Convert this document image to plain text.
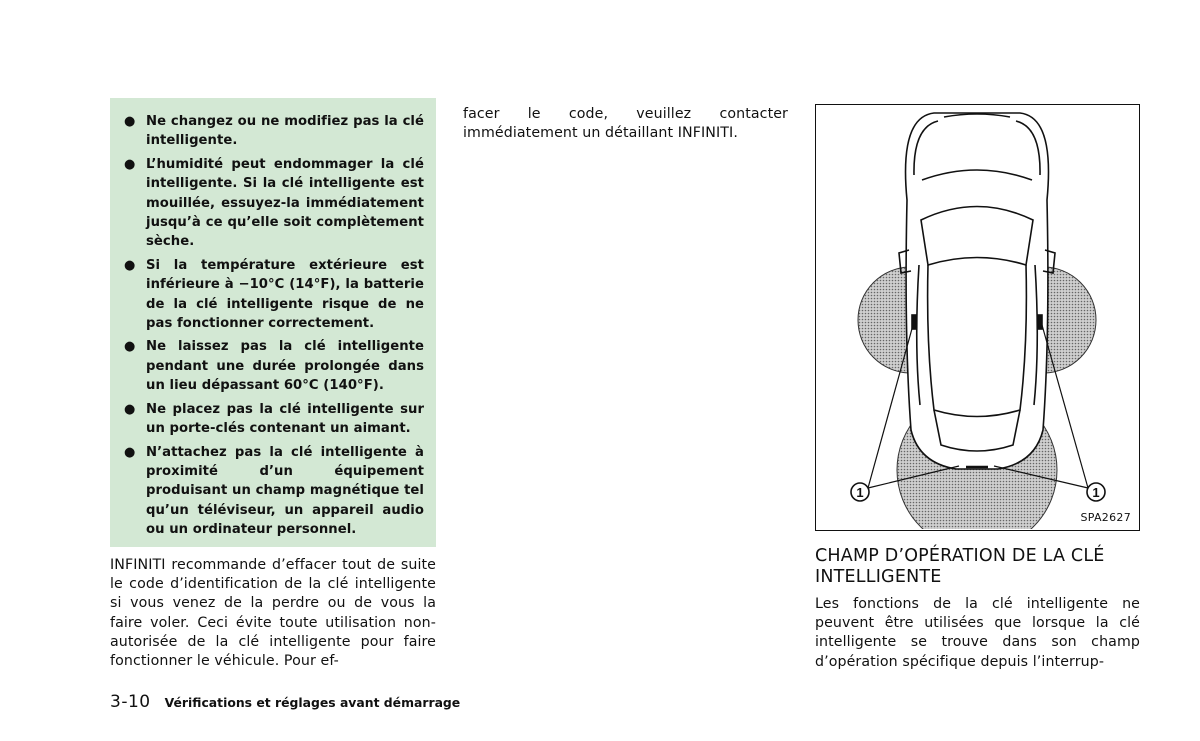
● Ne changez ou ne modifiez pas la clé intelligente.
● L’humidité peut endommager la clé intelligente. Si la clé intelligente est mouillée, essuyez-la immédiatement jusqu’à ce qu’elle soit complètement sèche.
● Si la température extérieure est inférieure à −10°C (14°F), la batterie de la clé intelligente risque de ne pas fonctionner correctement.
● Ne laissez pas la clé intelligente pendant une durée prolongée dans un lieu dépassant 60°C (140°F).
● Ne placez pas la clé intelligente sur un porte-clés contenant un aimant.
● N’attachez pas la clé intelligente à proximité d’un équipement produisant un champ magnétique tel qu’un téléviseur, un appareil audio ou un ordinateur personnel.

INFINITI recommande d’effacer tout de suite le code d’identification de la clé intelligente si vous venez de la perdre ou de vous la faire voler. Ceci évite toute utilisation non-autorisée de la clé intelligente pour faire fonctionner le véhicule. Pour ef-

facer le code, veuillez contacter immédiatement un détaillant INFINITI.

1	1
SPA2627
CHAMP D’OPÉRATION DE LA CLÉ INTELLIGENTE

Les fonctions de la clé intelligente ne peuvent être utilisées que lorsque la clé intelligente se trouve dans son champ d’opération spécifique depuis l’interrup-

3-10 Vérifications et réglages avant démarrage
